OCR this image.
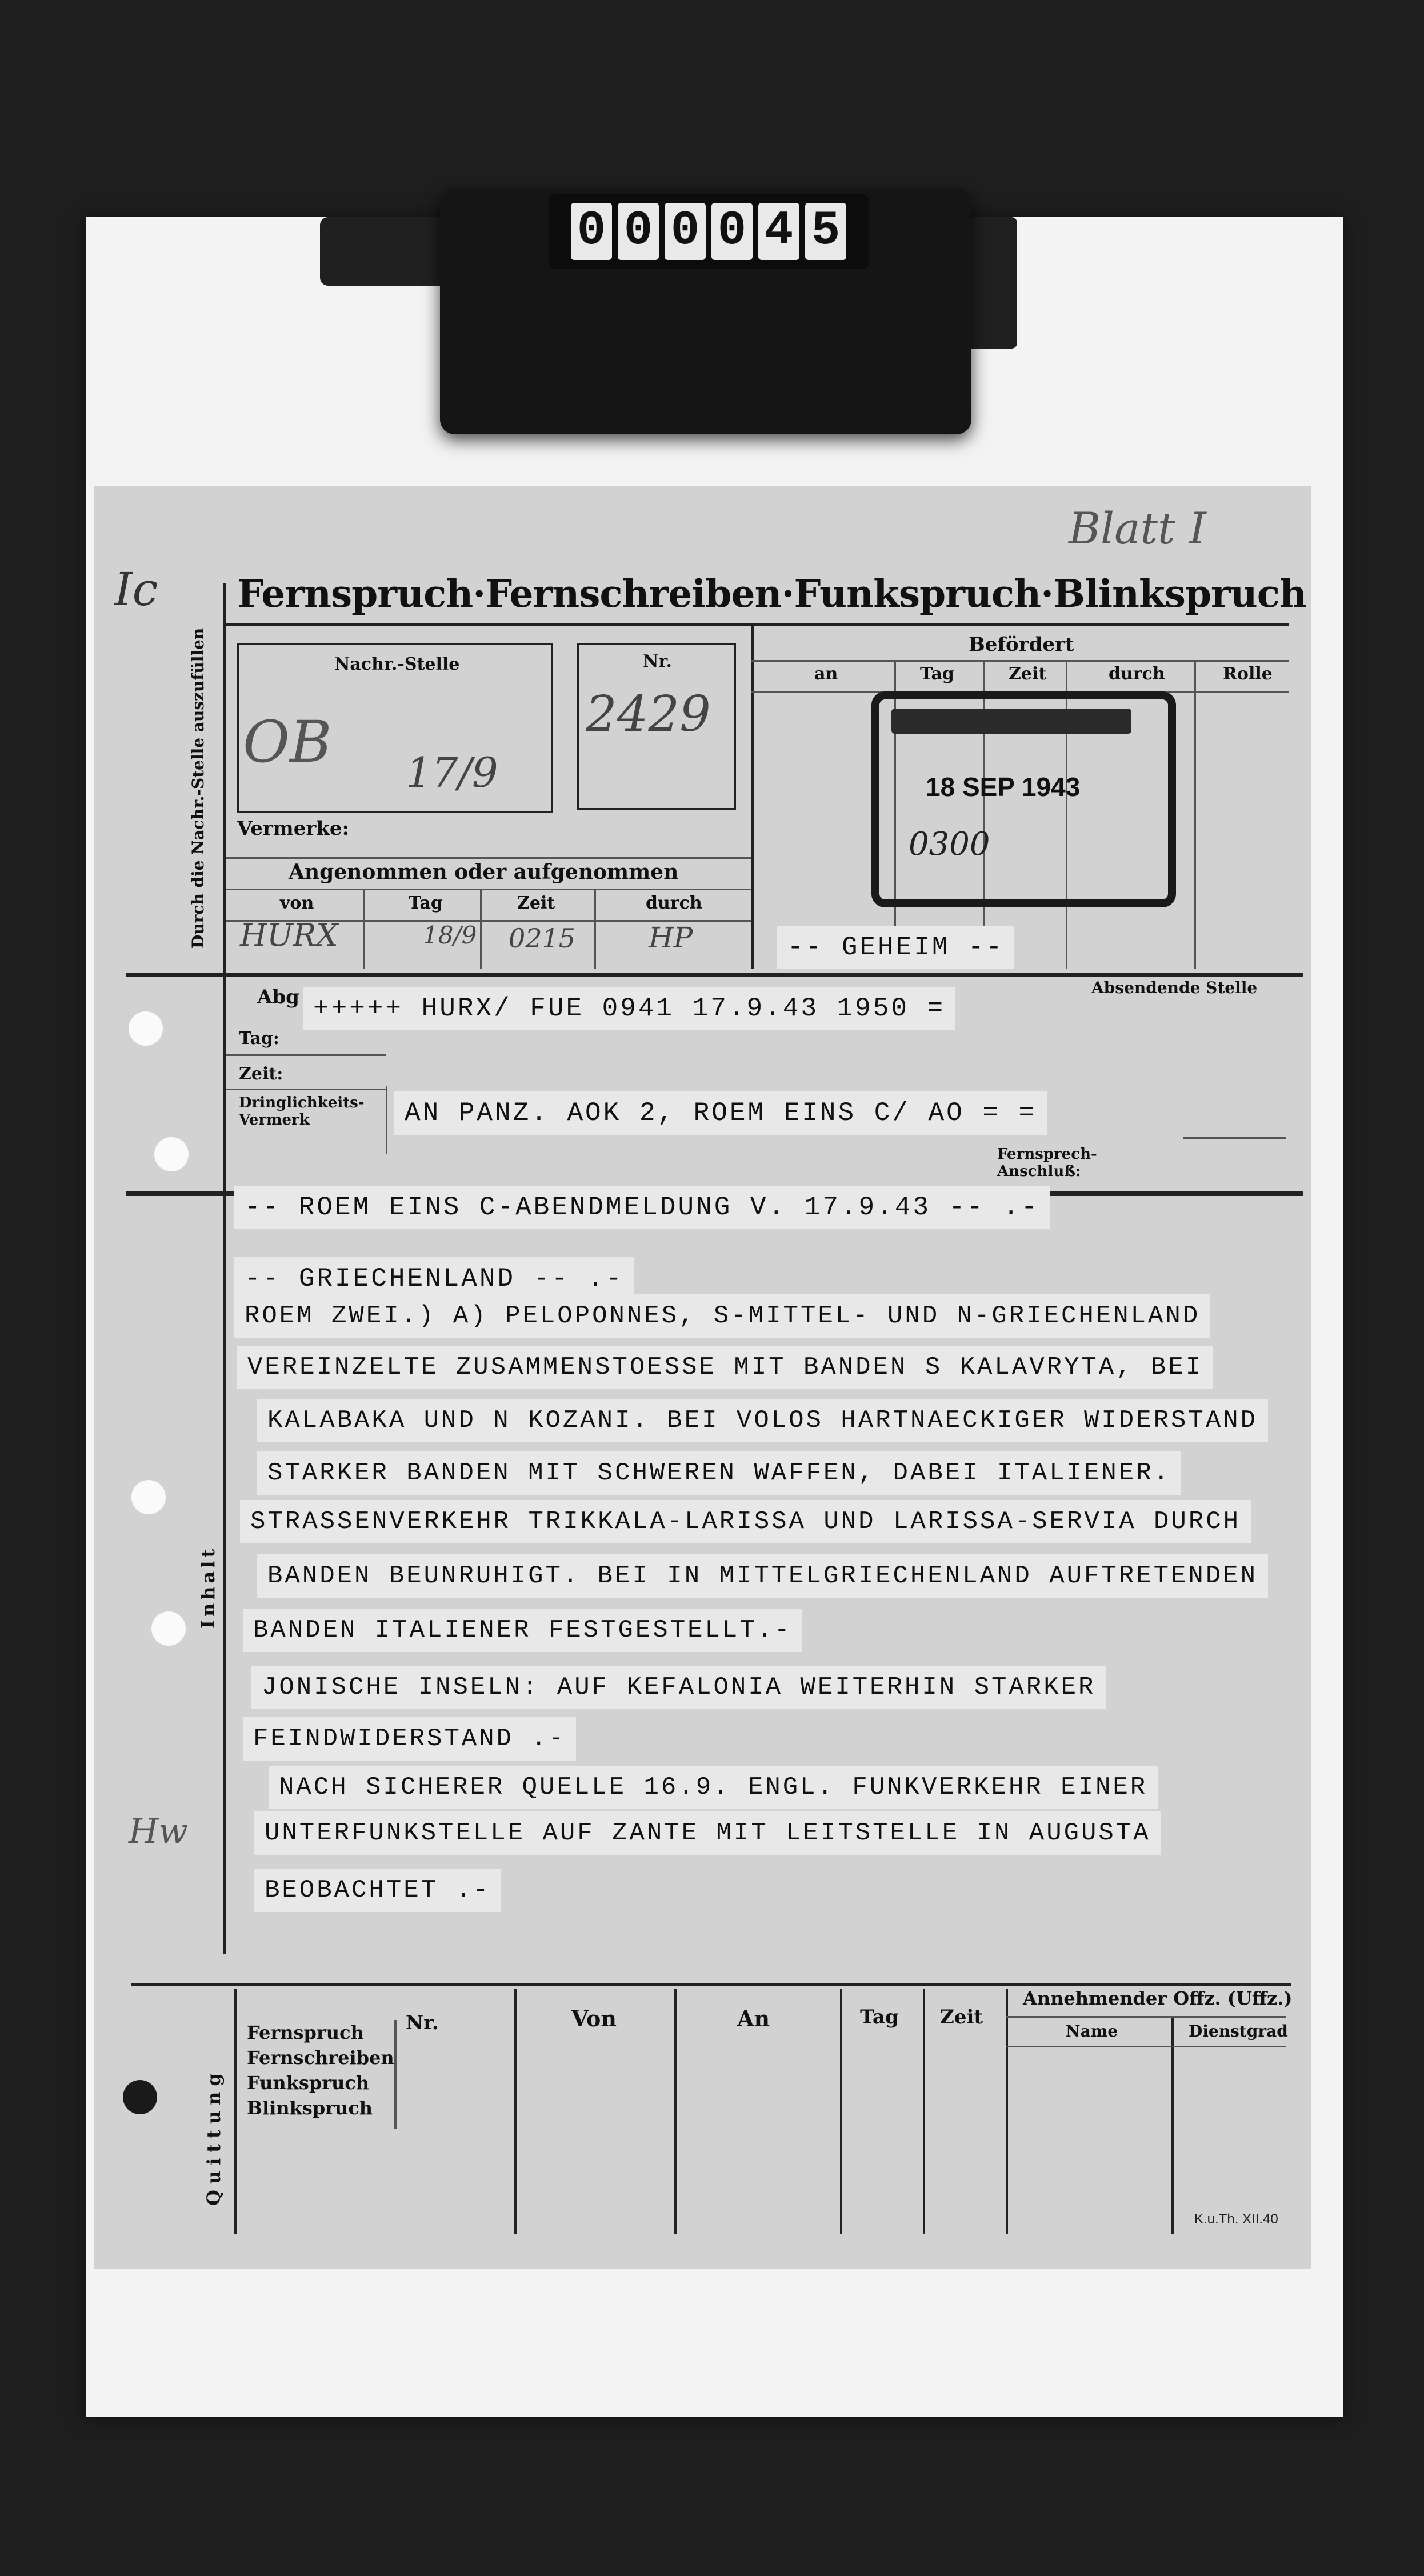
0 0 0 0 4 5
Fernspruch·Fernschreiben·Funkspruch·Blinkspruch
Durch die Nachr.-Stelle auszufüllen	Nachr.-Stelle
OB 17/9
Nr.
2429
Vermerke:
Angenommen oder aufgenommen
von	Tag	Zeit	durch
HURX	18/9 0215	HP
Befördert
an	Tag	Zeit	durch	Rolle
18 SEP 1943
0300
Blatt I
Ic
-- GEHEIM --
Abg
Tag:
Zeit:
Dringlichkeits-Vermerk
Absendende Stelle
Fernsprech-Anschluß:
+++++ HURX/ FUE 0941 17.9.43 1950 =
AN PANZ. AOK 2, ROEM EINS C/ AO = =
Inhalt
Hw
-- ROEM EINS C-ABENDMELDUNG V. 17.9.43 -- .-
-- GRIECHENLAND -- .-
ROEM ZWEI.) A) PELOPONNES, S-MITTEL- UND N-GRIECHENLAND
VEREINZELTE ZUSAMMENSTOESSE MIT BANDEN S KALAVRYTA, BEI
KALABAKA UND N KOZANI. BEI VOLOS HARTNAECKIGER WIDERSTAND
STARKER BANDEN MIT SCHWEREN WAFFEN, DABEI ITALIENER.
STRASSENVERKEHR TRIKKALA-LARISSA UND LARISSA-SERVIA DURCH
BANDEN BEUNRUHIGT. BEI IN MITTELGRIECHENLAND AUFTRETENDEN
BANDEN ITALIENER FESTGESTELLT.-
JONISCHE INSELN: AUF KEFALONIA WEITERHIN STARKER
FEINDWIDERSTAND .-
NACH SICHERER QUELLE 16.9. ENGL. FUNKVERKEHR EINER
UNTERFUNKSTELLE AUF ZANTE MIT LEITSTELLE IN AUGUSTA
BEOBACHTET .-
Quittung
Fernspruch
Fernschreiben
Funkspruch
Blinkspruch
Nr.	Von	An	Tag Zeit
Annehmender Offz. (Uffz.)
Name	Dienstgrad
K.u.Th. XII.40
